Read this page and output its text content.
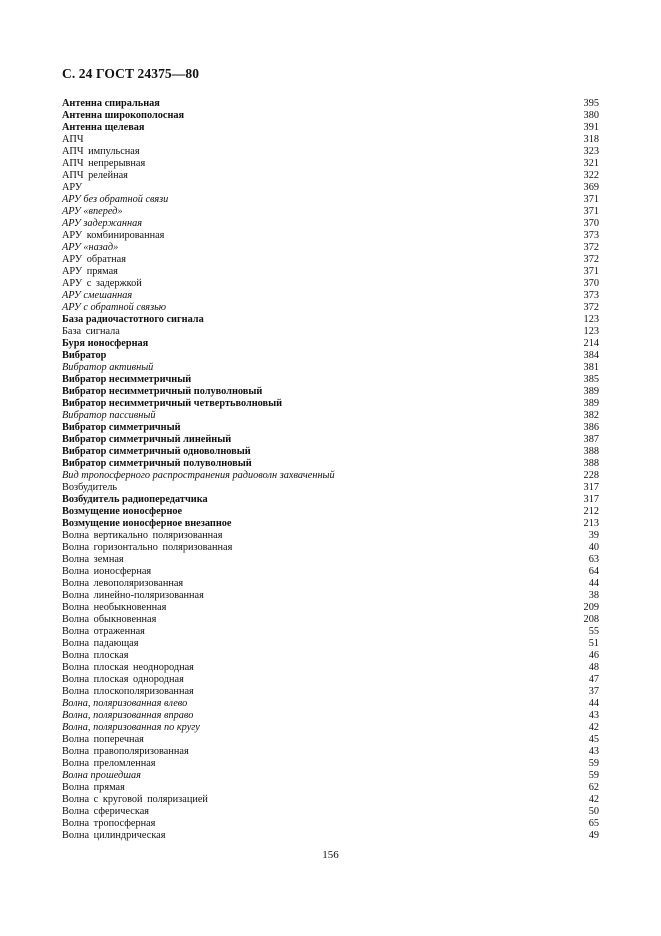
С. 24 ГОСТ 24375—80
Антенна спиральная	395
Антенна широкополосная	380
Антенна щелевая	391
АПЧ	318
АПЧ импульсная	323
АПЧ непрерывная	321
АПЧ релейная	322
АРУ	369
АРУ без обратной связи	371
АРУ «вперед»	371
АРУ задержанная	370
АРУ комбинированная	373
АРУ «назад»	372
АРУ обратная	372
АРУ прямая	371
АРУ с задержкой	370
АРУ смешанная	373
АРУ с обратной связью	372
База радиочастотного сигнала	123
База сигнала	123
Буря ионосферная	214
Вибратор	384
Вибратор активный	381
Вибратор несимметричный	385
Вибратор несимметричный полуволновый	389
Вибратор несимметричный четвертьволновый	389
Вибратор пассивный	382
Вибратор симметричный	386
Вибратор симметричный линейный	387
Вибратор симметричный одноволновый	388
Вибратор симметричный полуволновый	388
Вид тропосферного распространения радиоволн захваченный	228
Возбудитель	317
Возбудитель радиопередатчика	317
Возмущение ионосферное	212
Возмущение ионосферное внезапное	213
Волна вертикально поляризованная	39
Волна горизонтально поляризованная	40
Волна земная	63
Волна ионосферная	64
Волна левополяризованная	44
Волна линейно-поляризованная	38
Волна необыкновенная	209
Волна обыкновенная	208
Волна отраженная	55
Волна падающая	51
Волна плоская	46
Волна плоская неоднородная	48
Волна плоская однородная	47
Волна плоскополяризованная	37
Волна, поляризованная влево	44
Волна, поляризованная вправо	43
Волна, поляризованная по кругу	42
Волна поперечная	45
Волна правополяризованная	43
Волна преломленная	59
Волна прошедшая	59
Волна прямая	62
Волна с круговой поляризацией	42
Волна сферическая	50
Волна тропосферная	65
Волна цилиндрическая	49
156
